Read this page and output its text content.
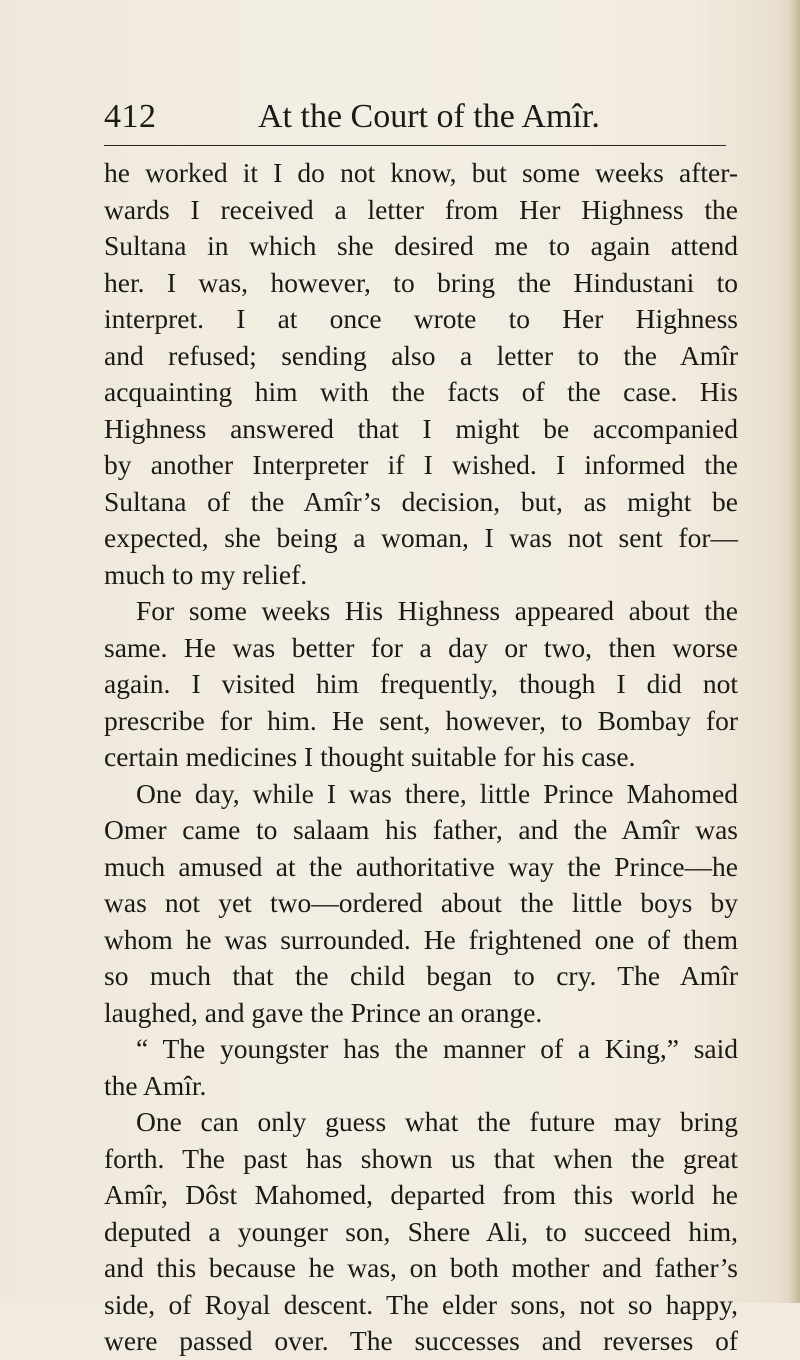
412	At the Court of the Amîr.
he worked it I do not know, but some weeks after-
wards I received a letter from Her Highness the
Sultana in which she desired me to again attend
her. I was, however, to bring the Hindustani to
interpret. I at once wrote to Her Highness
and refused; sending also a letter to the Amîr
acquainting him with the facts of the case. His
Highness answered that I might be accompanied
by another Interpreter if I wished. I informed the
Sultana of the Amîr’s decision, but, as might be
expected, she being a woman, I was not sent for—
much to my relief.
For some weeks His Highness appeared about the
same. He was better for a day or two, then worse
again. I visited him frequently, though I did not
prescribe for him. He sent, however, to Bombay for
certain medicines I thought suitable for his case.
One day, while I was there, little Prince Mahomed
Omer came to salaam his father, and the Amîr was
much amused at the authoritative way the Prince—he
was not yet two—ordered about the little boys by
whom he was surrounded. He frightened one of them
so much that the child began to cry. The Amîr
laughed, and gave the Prince an orange.
“ The youngster has the manner of a King,” said
the Amîr.
One can only guess what the future may bring
forth. The past has shown us that when the great
Amîr, Dôst Mahomed, departed from this world he
deputed a younger son, Shere Ali, to succeed him,
and this because he was, on both mother and father’s
side, of Royal descent. The elder sons, not so happy,
were passed over. The successes and reverses of
